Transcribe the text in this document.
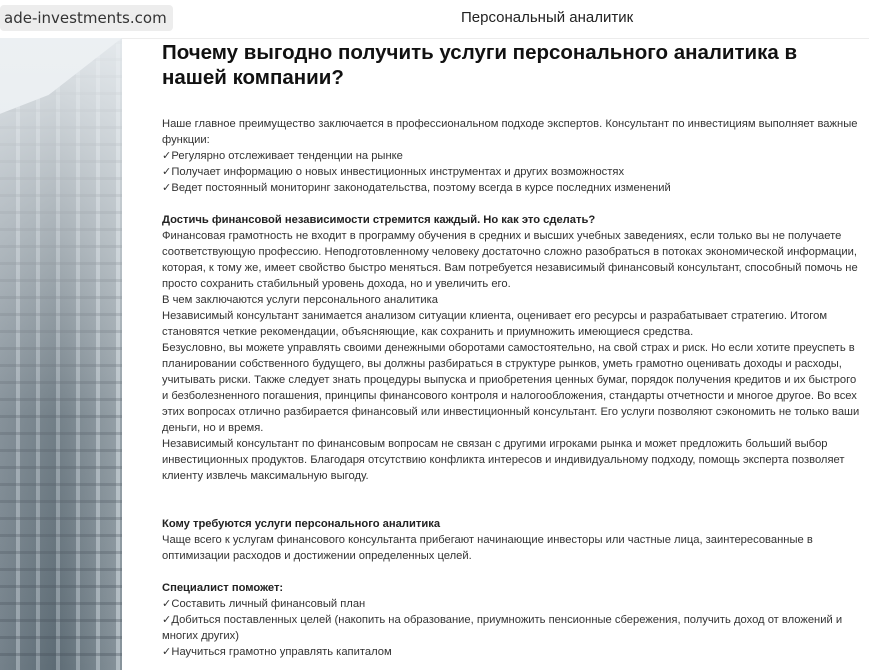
ade-investments.com	Персональный аналитик
Почему выгодно получить услуги персонального аналитика в нашей компании?

Наше главное преимущество заключается в профессиональном подходе экспертов. Консультант по инвестициям выполняет важные функции:

✓Регулярно отслеживает тенденции на рынке

✓Получает информацию о новых инвестиционных инструментах и других возможностях

✓Ведет постоянный мониторинг законодательства, поэтому всегда в курсе последних изменений

Достичь финансовой независимости стремится каждый. Но как это сделать?

Финансовая грамотность не входит в программу обучения в средних и высших учебных заведениях, если только вы не получаете соответствующую профессию. Неподготовленному человеку достаточно сложно разобраться в потоках экономической информации, которая, к тому же, имеет свойство быстро меняться. Вам потребуется независимый финансовый консультант, способный помочь не просто сохранить стабильный уровень дохода, но и увеличить его.

В чем заключаются услуги персонального аналитика

Независимый консультант занимается анализом ситуации клиента, оценивает его ресурсы и разрабатывает стратегию. Итогом становятся четкие рекомендации, объясняющие, как сохранить и приумножить имеющиеся средства.

Безусловно, вы можете управлять своими денежными оборотами самостоятельно, на свой страх и риск. Но если хотите преуспеть в планировании собственного будущего, вы должны разбираться в структуре рынков, уметь грамотно оценивать доходы и расходы, учитывать риски. Также следует знать процедуры выпуска и приобретения ценных бумаг, порядок получения кредитов и их быстрого и безболезненного погашения, принципы финансового контроля и налогообложения, стандарты отчетности и многое другое. Во всех этих вопросах отлично разбирается финансовый или инвестиционный консультант. Его услуги позволяют сэкономить не только ваши деньги, но и время.

Независимый консультант по финансовым вопросам не связан с другими игроками рынка и может предложить больший выбор инвестиционных продуктов. Благодаря отсутствию конфликта интересов и индивидуальному подходу, помощь эксперта позволяет клиенту извлечь максимальную выгоду.

Кому требуются услуги персонального аналитика

Чаще всего к услугам финансового консультанта прибегают начинающие инвесторы или частные лица, заинтересованные в оптимизации расходов и достижении определенных целей.

Специалист поможет:

✓Составить личный финансовый план

✓Добиться поставленных целей (накопить на образование, приумножить пенсионные сбережения, получить доход от вложений и многих других)

✓Научиться грамотно управлять капиталом
